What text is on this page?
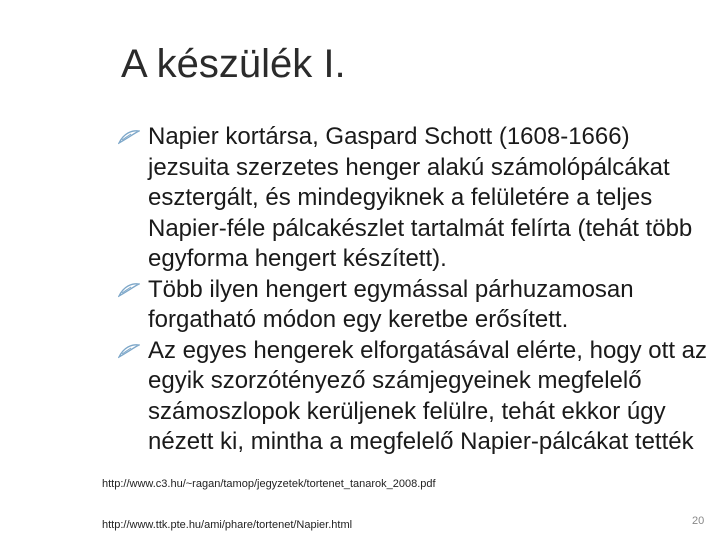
A készülék I.
Napier kortársa, Gaspard Schott (1608-1666) jezsuita szerzetes henger alakú számolópálcákat esztergált, és mindegyiknek a felületére a teljes Napier-féle pálcakészlet tartalmát felírta (tehát több egyforma hengert készített).
Több ilyen hengert egymással párhuzamosan forgatható módon egy keretbe erősített.
Az egyes hengerek elforgatásával elérte, hogy ott az egyik szorzótényező számjegyeinek megfelelő számoszlopok kerüljenek felülre, tehát ekkor úgy nézett ki, mintha a megfelelő Napier-pálcákat tették
http://www.c3.hu/~ragan/tamop/jegyzetek/tortenet_tanarok_2008.pdf
http://www.ttk.pte.hu/ami/phare/tortenet/Napier.html	20
